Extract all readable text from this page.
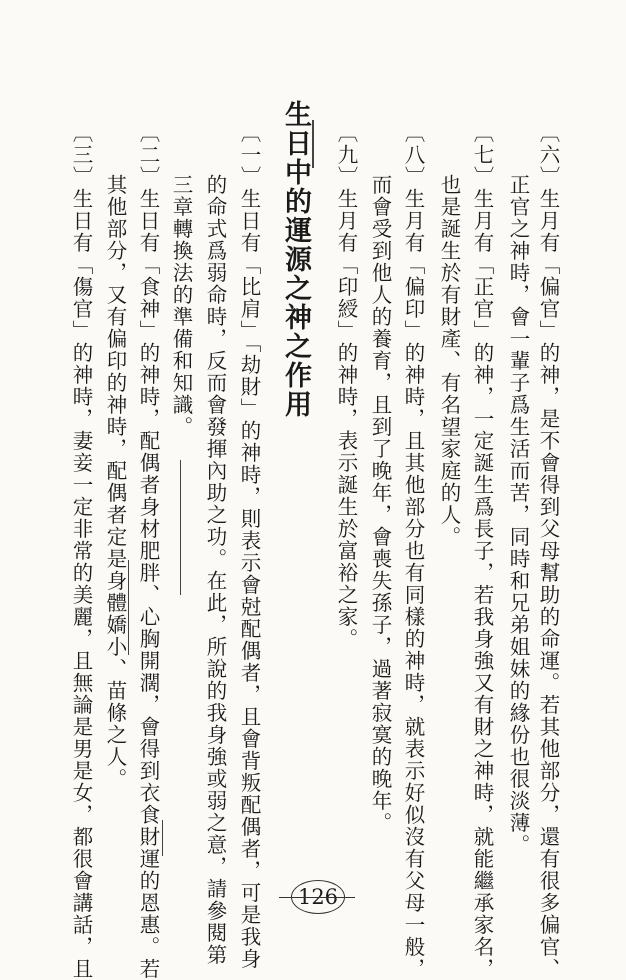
〔六〕生月有「偏官」的神，是不會得到父母幫助的命運。若其他部分，還有很多偏官、
正官之神時，會一輩子爲生活而苦，同時和兄弟姐妹的緣份也很淡薄。
〔七〕生月有「正官」的神，一定誕生爲長子，若我身強又有財之神時，就能繼承家名，
也是誕生於有財產、有名望家庭的人。
〔八〕生月有「偏印」的神時，且其他部分也有同樣的神時，就表示好似沒有父母一般，
而會受到他人的養育，且到了晚年，會喪失孫子，過著寂寞的晚年。
〔九〕生月有「印綬」的神時，表示誕生於富裕之家。
生日中的運源之神之作用
〔一〕生日有「比肩」「劫財」的神時，則表示會尅配偶者，且會背叛配偶者，可是我身
的命式爲弱命時，反而會發揮內助之功。在此，所說的我身強或弱之意，請參閱第
三章轉換法的準備和知識。
〔二〕生日有「食神」的神時，配偶者身材肥胖、心胸開濶，會得到衣食財運的恩惠。若
其他部分，又有偏印的神時，配偶者定是身體嬌小、苗條之人。
〔三〕生日有「傷官」的神時，妻妾一定非常的美麗，且無論是男是女，都很會講話，且	126
